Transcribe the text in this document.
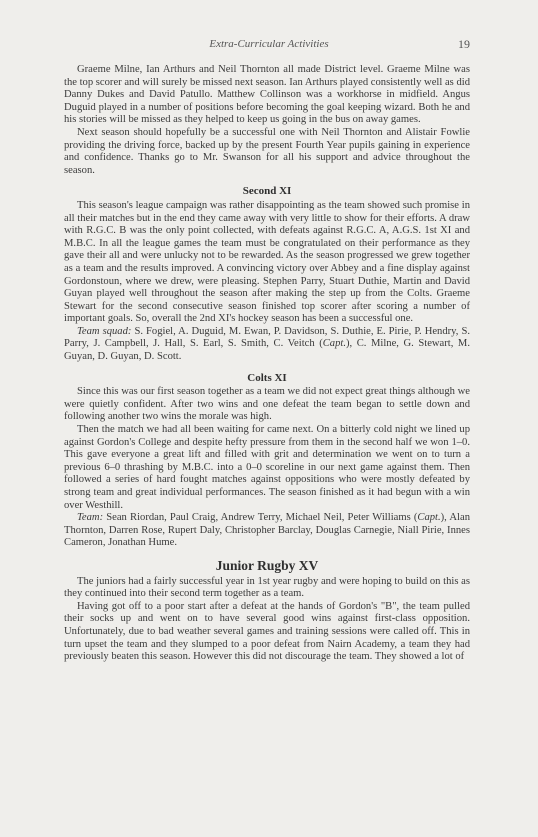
Extra-Curricular Activities	19

Graeme Milne, Ian Arthurs and Neil Thornton all made District level. Graeme Milne was the top scorer and will surely be missed next season. Ian Arthurs played consistently well as did Danny Dukes and David Patullo. Matthew Collinson was a workhorse in midfield. Angus Duguid played in a number of positions before becoming the goal keeping wizard. Both he and his stories will be missed as they helped to keep us going in the bus on away games.

Next season should hopefully be a successful one with Neil Thornton and Alistair Fowlie providing the driving force, backed up by the present Fourth Year pupils gaining in experience and confidence. Thanks go to Mr. Swanson for all his support and advice throughout the season.

Second XI

This season's league campaign was rather disappointing as the team showed such promise in all their matches but in the end they came away with very little to show for their efforts. A draw with R.G.C. B was the only point collected, with defeats against R.G.C. A, A.G.S. 1st XI and M.B.C. In all the league games the team must be congratulated on their performance as they gave their all and were unlucky not to be rewarded. As the season progressed we grew together as a team and the results improved. A convincing victory over Abbey and a fine display against Gordonstoun, where we drew, were pleasing. Stephen Parry, Stuart Duthie, Martin and David Guyan played well throughout the season after making the step up from the Colts. Graeme Stewart for the second consecutive season finished top scorer after scoring a number of important goals. So, overall the 2nd XI's hockey season has been a successful one.

Team squad: S. Fogiel, A. Duguid, M. Ewan, P. Davidson, S. Duthie, E. Pirie, P. Hendry, S. Parry, J. Campbell, J. Hall, S. Earl, S. Smith, C. Veitch (Capt.), C. Milne, G. Stewart, M. Guyan, D. Guyan, D. Scott.

Colts XI

Since this was our first season together as a team we did not expect great things although we were quietly confident. After two wins and one defeat the team began to settle down and following another two wins the morale was high.

Then the match we had all been waiting for came next. On a bitterly cold night we lined up against Gordon's College and despite hefty pressure from them in the second half we won 1–0. This gave everyone a great lift and filled with grit and determination we went on to turn a previous 6–0 thrashing by M.B.C. into a 0–0 scoreline in our next game against them. Then followed a series of hard fought matches against oppositions who were mostly defeated by strong team and great individual performances. The season finished as it had begun with a win over Westhill.

Team: Sean Riordan, Paul Craig, Andrew Terry, Michael Neil, Peter Williams (Capt.), Alan Thornton, Darren Rose, Rupert Daly, Christopher Barclay, Douglas Carnegie, Niall Pirie, Innes Cameron, Jonathan Hume.

Junior Rugby XV

The juniors had a fairly successful year in 1st year rugby and were hoping to build on this as they continued into their second term together as a team.

Having got off to a poor start after a defeat at the hands of Gordon's "B", the team pulled their socks up and went on to have several good wins against first-class opposition. Unfortunately, due to bad weather several games and training sessions were called off. This in turn upset the team and they slumped to a poor defeat from Nairn Academy, a team they had previously beaten this season. However this did not discourage the team. They showed a lot of
